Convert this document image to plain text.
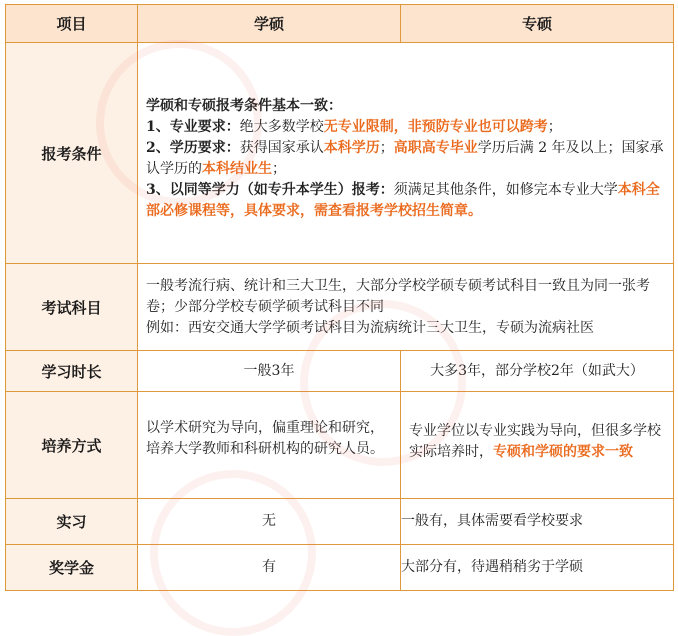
项目	学硕	专硕
报考条件	学硕和专硕报考条件基本一致：
1、专业要求：绝大多数学校无专业限制，非预防专业也可以跨考；
2、学历要求：获得国家承认本科学历；高职高专毕业学历后满 2 年及以上；国家承认学历的本科结业生；
3、以同等学力（如专升本学生）报考：须满足其他条件，如修完本专业大学本科全部必修课程等，具体要求，需查看报考学校招生简章。	

考试科目	一般考流行病、统计和三大卫生，大部分学校学硕专硕考试科目一致且为同一张考卷；少部分学校专硕学硕考试科目不同
例如：西安交通大学学硕考试科目为流病统计三大卫生，专硕为流病社医	

学习时长	一般3年	大多3年，部分学校2年（如武大）
培养方式	以学术研究为导向，偏重理论和研究，培养大学教师和科研机构的研究人员。	专业学位以专业实践为导向，但很多学校实际培养时，专硕和学硕的要求一致

实习	无	一般有，具体需要看学校要求
奖学金	有	大部分有，待遇稍稍劣于学硕
